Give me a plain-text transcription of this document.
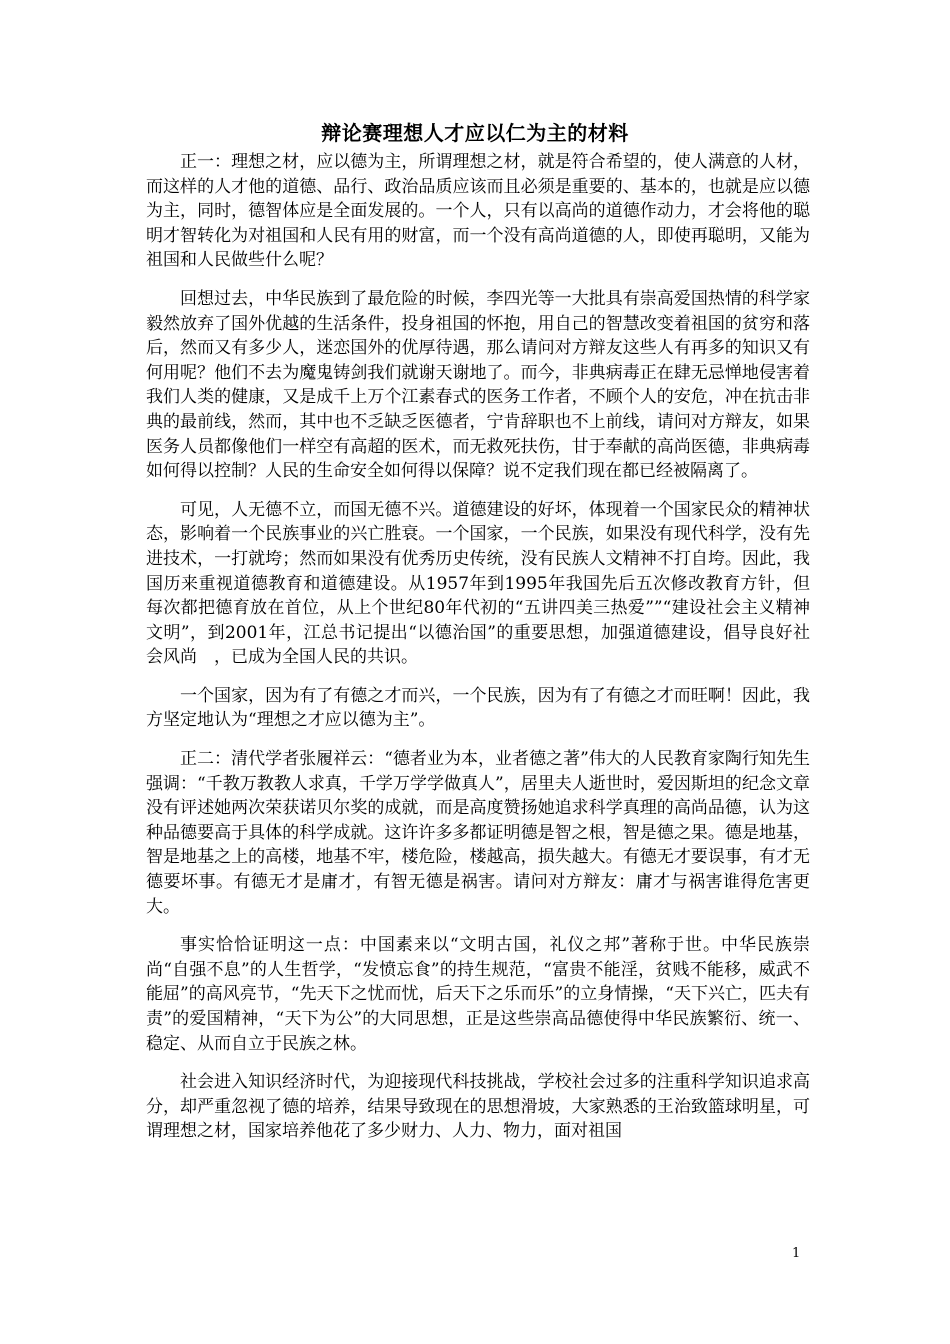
辩论赛理想人才应以仁为主的材料

正一：理想之材，应以德为主，所谓理想之材，就是符合希望的，使人满意的人材，而这样的人才他的道德、品行、政治品质应该而且必须是重要的、基本的，也就是应以德为主，同时，德智体应是全面发展的。一个人，只有以高尚的道德作动力，才会将他的聪明才智转化为对祖国和人民有用的财富，而一个没有高尚道德的人，即使再聪明，又能为祖国和人民做些什么呢？

回想过去，中华民族到了最危险的时候，李四光等一大批具有崇高爱国热情的科学家毅然放弃了国外优越的生活条件，投身祖国的怀抱，用自己的智慧改变着祖国的贫穷和落后，然而又有多少人，迷恋国外的优厚待遇，那么请问对方辩友这些人有再多的知识又有何用呢？他们不去为魔鬼铸剑我们就谢天谢地了。而今，非典病毒正在肆无忌惮地侵害着我们人类的健康，又是成千上万个江素春式的医务工作者，不顾个人的安危，冲在抗击非典的最前线，然而，其中也不乏缺乏医德者，宁肯辞职也不上前线，请问对方辩友，如果医务人员都像他们一样空有高超的医术，而无救死扶伤，甘于奉献的高尚医德，非典病毒如何得以控制？人民的生命安全如何得以保障？说不定我们现在都已经被隔离了。

可见，人无德不立，而国无德不兴。道德建设的好坏，体现着一个国家民众的精神状态，影响着一个民族事业的兴亡胜衰。一个国家，一个民族，如果没有现代科学，没有先进技术，一打就垮；然而如果没有优秀历史传统，没有民族人文精神不打自垮。因此，我国历来重视道德教育和道德建设。从1957年到1995年我国先后五次修改教育方针，但每次都把德育放在首位，从上个世纪80年代初的“五讲四美三热爱””“建设社会主义精神文明”，到2001年，江总书记提出“以德治国”的重要思想，加强道德建设，倡导良好社会风尚　，已成为全国人民的共识。

一个国家，因为有了有德之才而兴，一个民族，因为有了有德之才而旺啊！因此，我方坚定地认为“理想之才应以德为主”。

正二：清代学者张履祥云：“德者业为本，业者德之著”伟大的人民教育家陶行知先生强调：“千教万教教人求真，千学万学学做真人”，居里夫人逝世时，爱因斯坦的纪念文章没有评述她两次荣获诺贝尔奖的成就，而是高度赞扬她追求科学真理的高尚品德，认为这种品德要高于具体的科学成就。这许许多多都证明德是智之根，智是德之果。德是地基，智是地基之上的高楼，地基不牢，楼危险，楼越高，损失越大。有德无才要误事，有才无德要坏事。有德无才是庸才，有智无德是祸害。请问对方辩友：庸才与祸害谁得危害更大。

事实恰恰证明这一点：中国素来以“文明古国，礼仪之邦”著称于世。中华民族崇尚“自强不息”的人生哲学，“发愤忘食”的持生规范，“富贵不能淫，贫贱不能移，威武不能屈”的高风亮节，“先天下之忧而忧，后天下之乐而乐”的立身情操，“天下兴亡，匹夫有责”的爱国精神，“天下为公”的大同思想，正是这些崇高品德使得中华民族繁衍、统一、稳定、从而自立于民族之林。

社会进入知识经济时代，为迎接现代科技挑战，学校社会过多的注重科学知识追求高分，却严重忽视了德的培养，结果导致现在的思想滑坡，大家熟悉的王治致篮球明星，可谓理想之材，国家培养他花了多少财力、人力、物力，面对祖国

1
